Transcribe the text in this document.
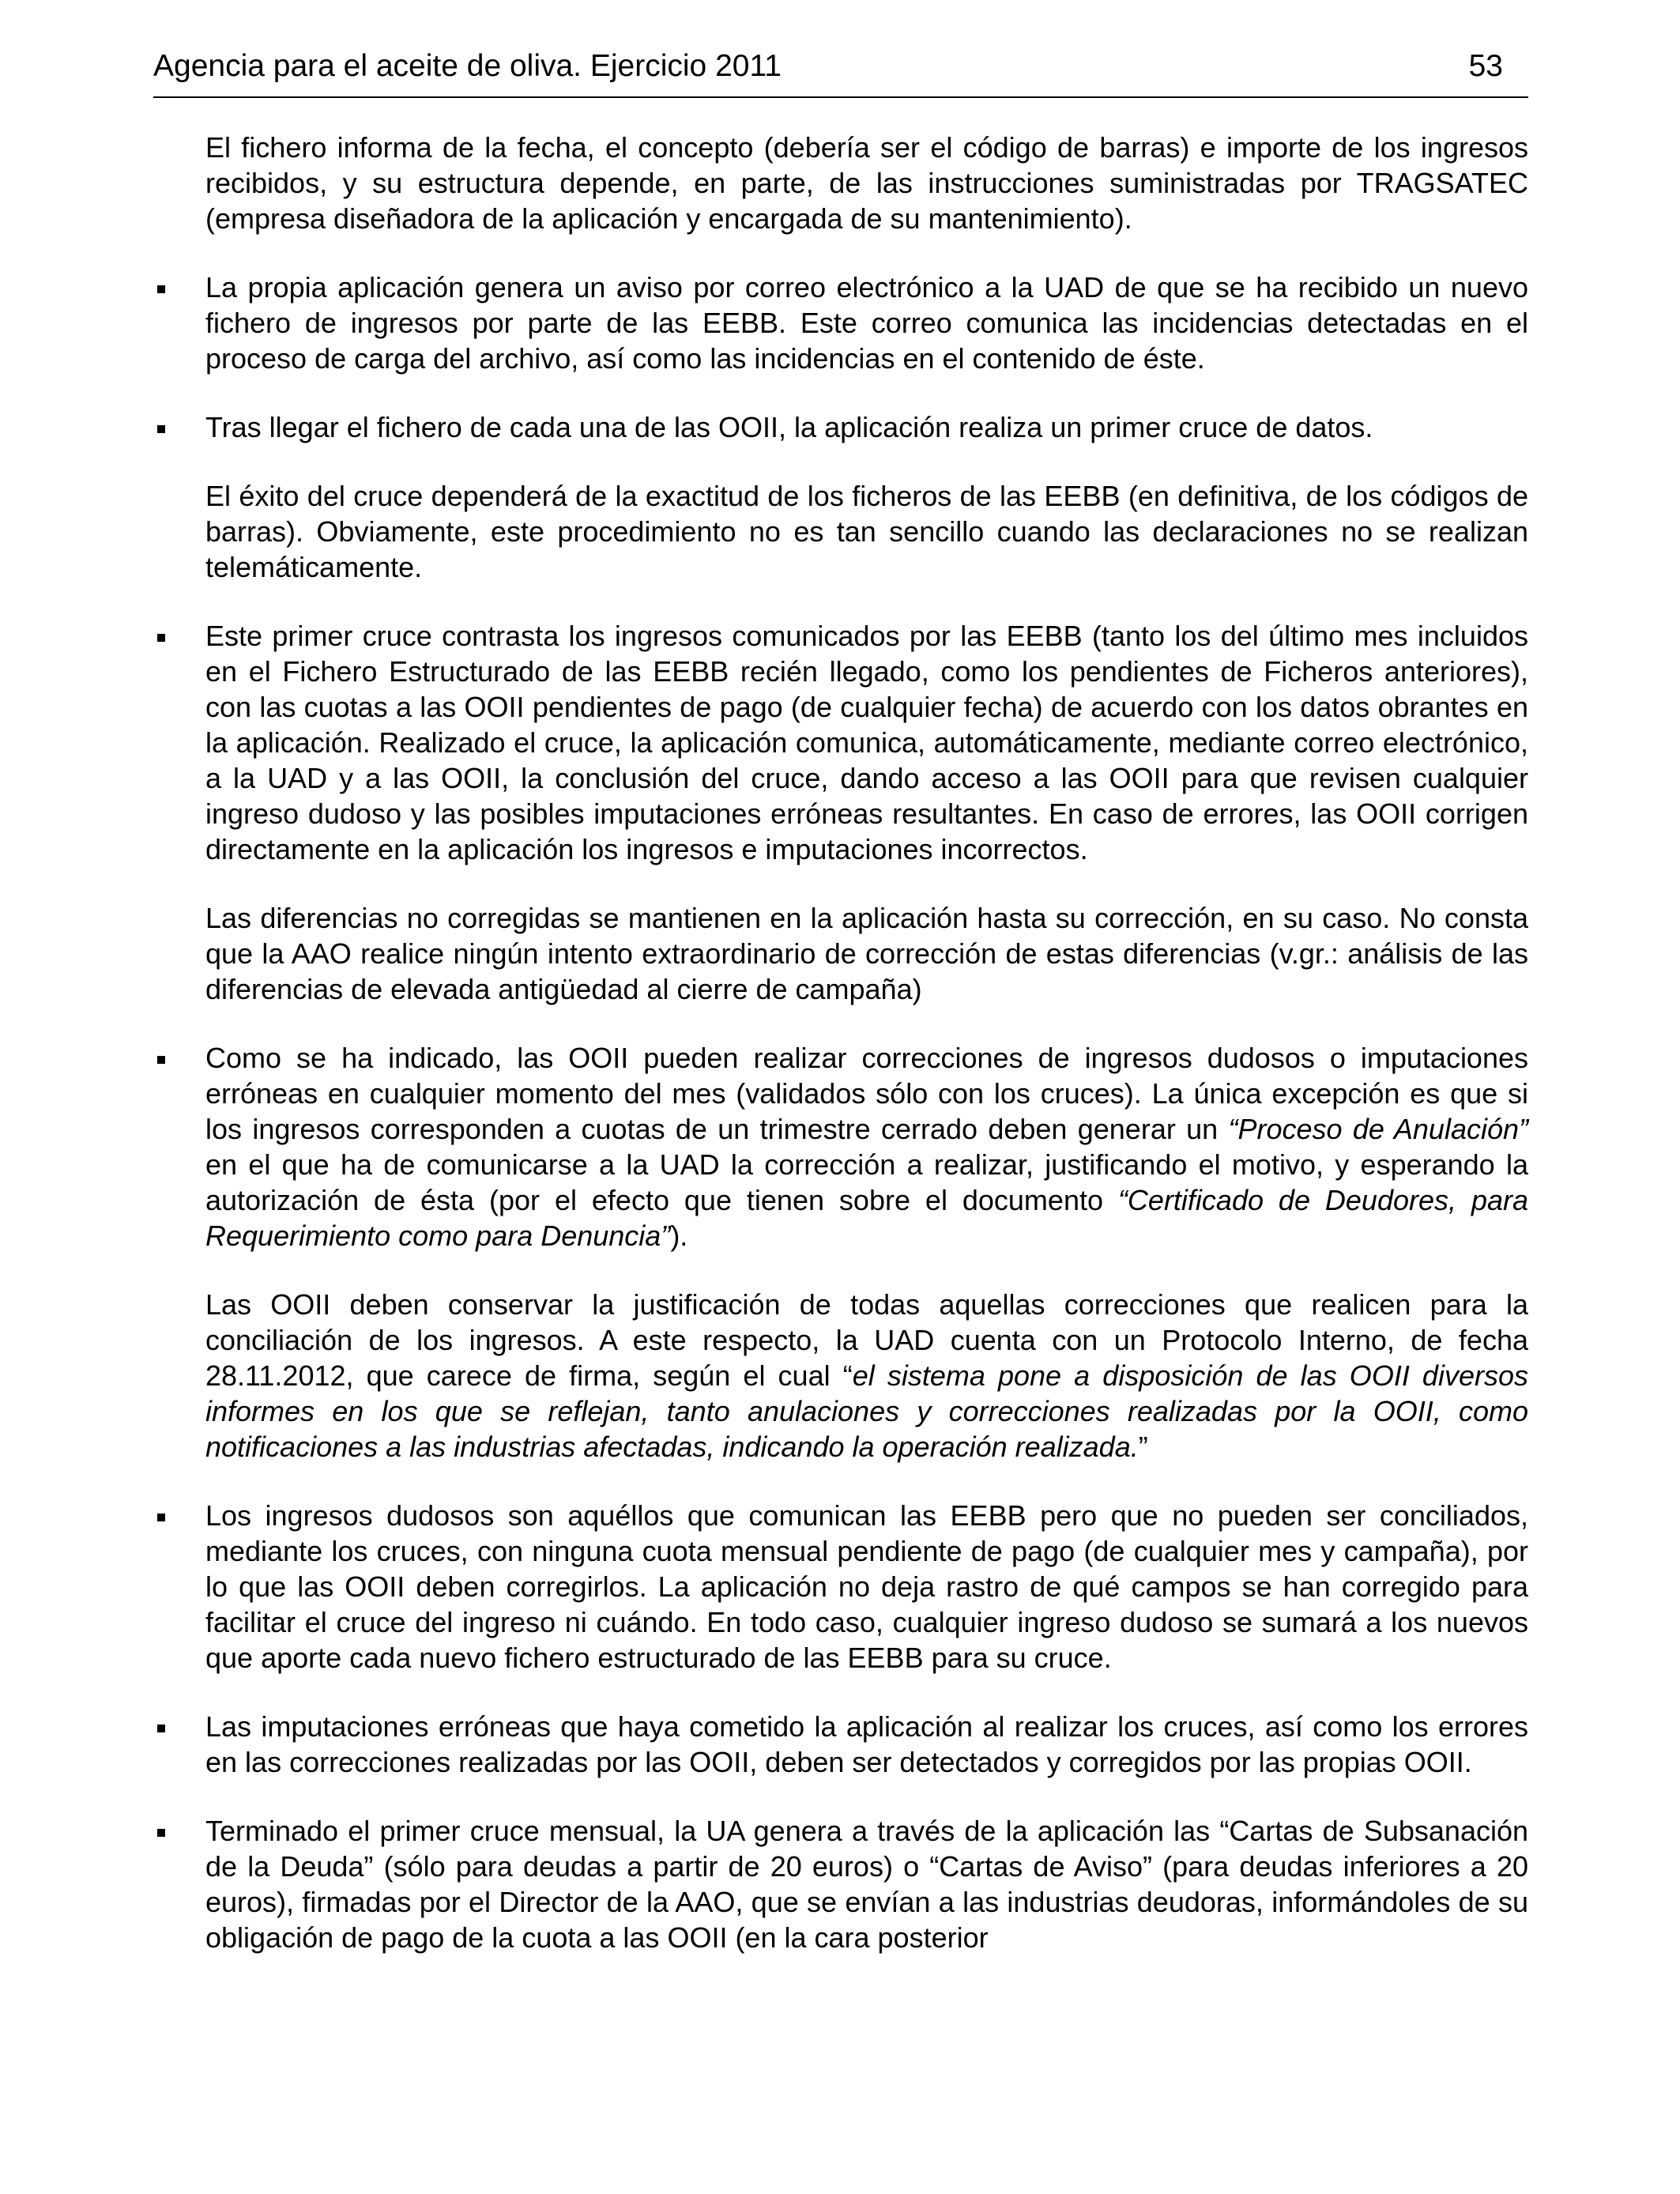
Agencia para el aceite de oliva. Ejercicio 2011	53

El fichero informa de la fecha, el concepto (debería ser el código de barras) e importe de los ingresos recibidos, y su estructura depende, en parte, de las instrucciones suministradas por TRAGSATEC (empresa diseñadora de la aplicación y encargada de su mantenimiento).

La propia aplicación genera un aviso por correo electrónico a la UAD de que se ha recibido un nuevo fichero de ingresos por parte de las EEBB. Este correo comunica las incidencias detectadas en el proceso de carga del archivo, así como las incidencias en el contenido de éste.

Tras llegar el fichero de cada una de las OOII, la aplicación realiza un primer cruce de datos.

El éxito del cruce dependerá de la exactitud de los ficheros de las EEBB (en definitiva, de los códigos de barras). Obviamente, este procedimiento no es tan sencillo cuando las declaraciones no se realizan telemáticamente.

Este primer cruce contrasta los ingresos comunicados por las EEBB (tanto los del último mes incluidos en el Fichero Estructurado de las EEBB recién llegado, como los pendientes de Ficheros anteriores), con las cuotas a las OOII pendientes de pago (de cualquier fecha) de acuerdo con los datos obrantes en la aplicación. Realizado el cruce, la aplicación comunica, automáticamente, mediante correo electrónico, a la UAD y a las OOII, la conclusión del cruce, dando acceso a las OOII para que revisen cualquier ingreso dudoso y las posibles imputaciones erróneas resultantes. En caso de errores, las OOII corrigen directamente en la aplicación los ingresos e imputaciones incorrectos.

Las diferencias no corregidas se mantienen en la aplicación hasta su corrección, en su caso. No consta que la AAO realice ningún intento extraordinario de corrección de estas diferencias (v.gr.: análisis de las diferencias de elevada antigüedad al cierre de campaña)

Como se ha indicado, las OOII pueden realizar correcciones de ingresos dudosos o imputaciones erróneas en cualquier momento del mes (validados sólo con los cruces). La única excepción es que si los ingresos corresponden a cuotas de un trimestre cerrado deben generar un “Proceso de Anulación” en el que ha de comunicarse a la UAD la corrección a realizar, justificando el motivo, y esperando la autorización de ésta (por el efecto que tienen sobre el documento “Certificado de Deudores, para Requerimiento como para Denuncia”).

Las OOII deben conservar la justificación de todas aquellas correcciones que realicen para la conciliación de los ingresos. A este respecto, la UAD cuenta con un Protocolo Interno, de fecha 28.11.2012, que carece de firma, según el cual “el sistema pone a disposición de las OOII diversos informes en los que se reflejan, tanto anulaciones y correcciones realizadas por la OOII, como notificaciones a las industrias afectadas, indicando la operación realizada.”

Los ingresos dudosos son aquéllos que comunican las EEBB pero que no pueden ser conciliados, mediante los cruces, con ninguna cuota mensual pendiente de pago (de cualquier mes y campaña), por lo que las OOII deben corregirlos. La aplicación no deja rastro de qué campos se han corregido para facilitar el cruce del ingreso ni cuándo. En todo caso, cualquier ingreso dudoso se sumará a los nuevos que aporte cada nuevo fichero estructurado de las EEBB para su cruce.

Las imputaciones erróneas que haya cometido la aplicación al realizar los cruces, así como los errores en las correcciones realizadas por las OOII, deben ser detectados y corregidos por las propias OOII.

Terminado el primer cruce mensual, la UA genera a través de la aplicación las “Cartas de Subsanación de la Deuda” (sólo para deudas a partir de 20 euros) o “Cartas de Aviso” (para deudas inferiores a 20 euros), firmadas por el Director de la AAO, que se envían a las industrias deudoras, informándoles de su obligación de pago de la cuota a las OOII (en la cara posterior
